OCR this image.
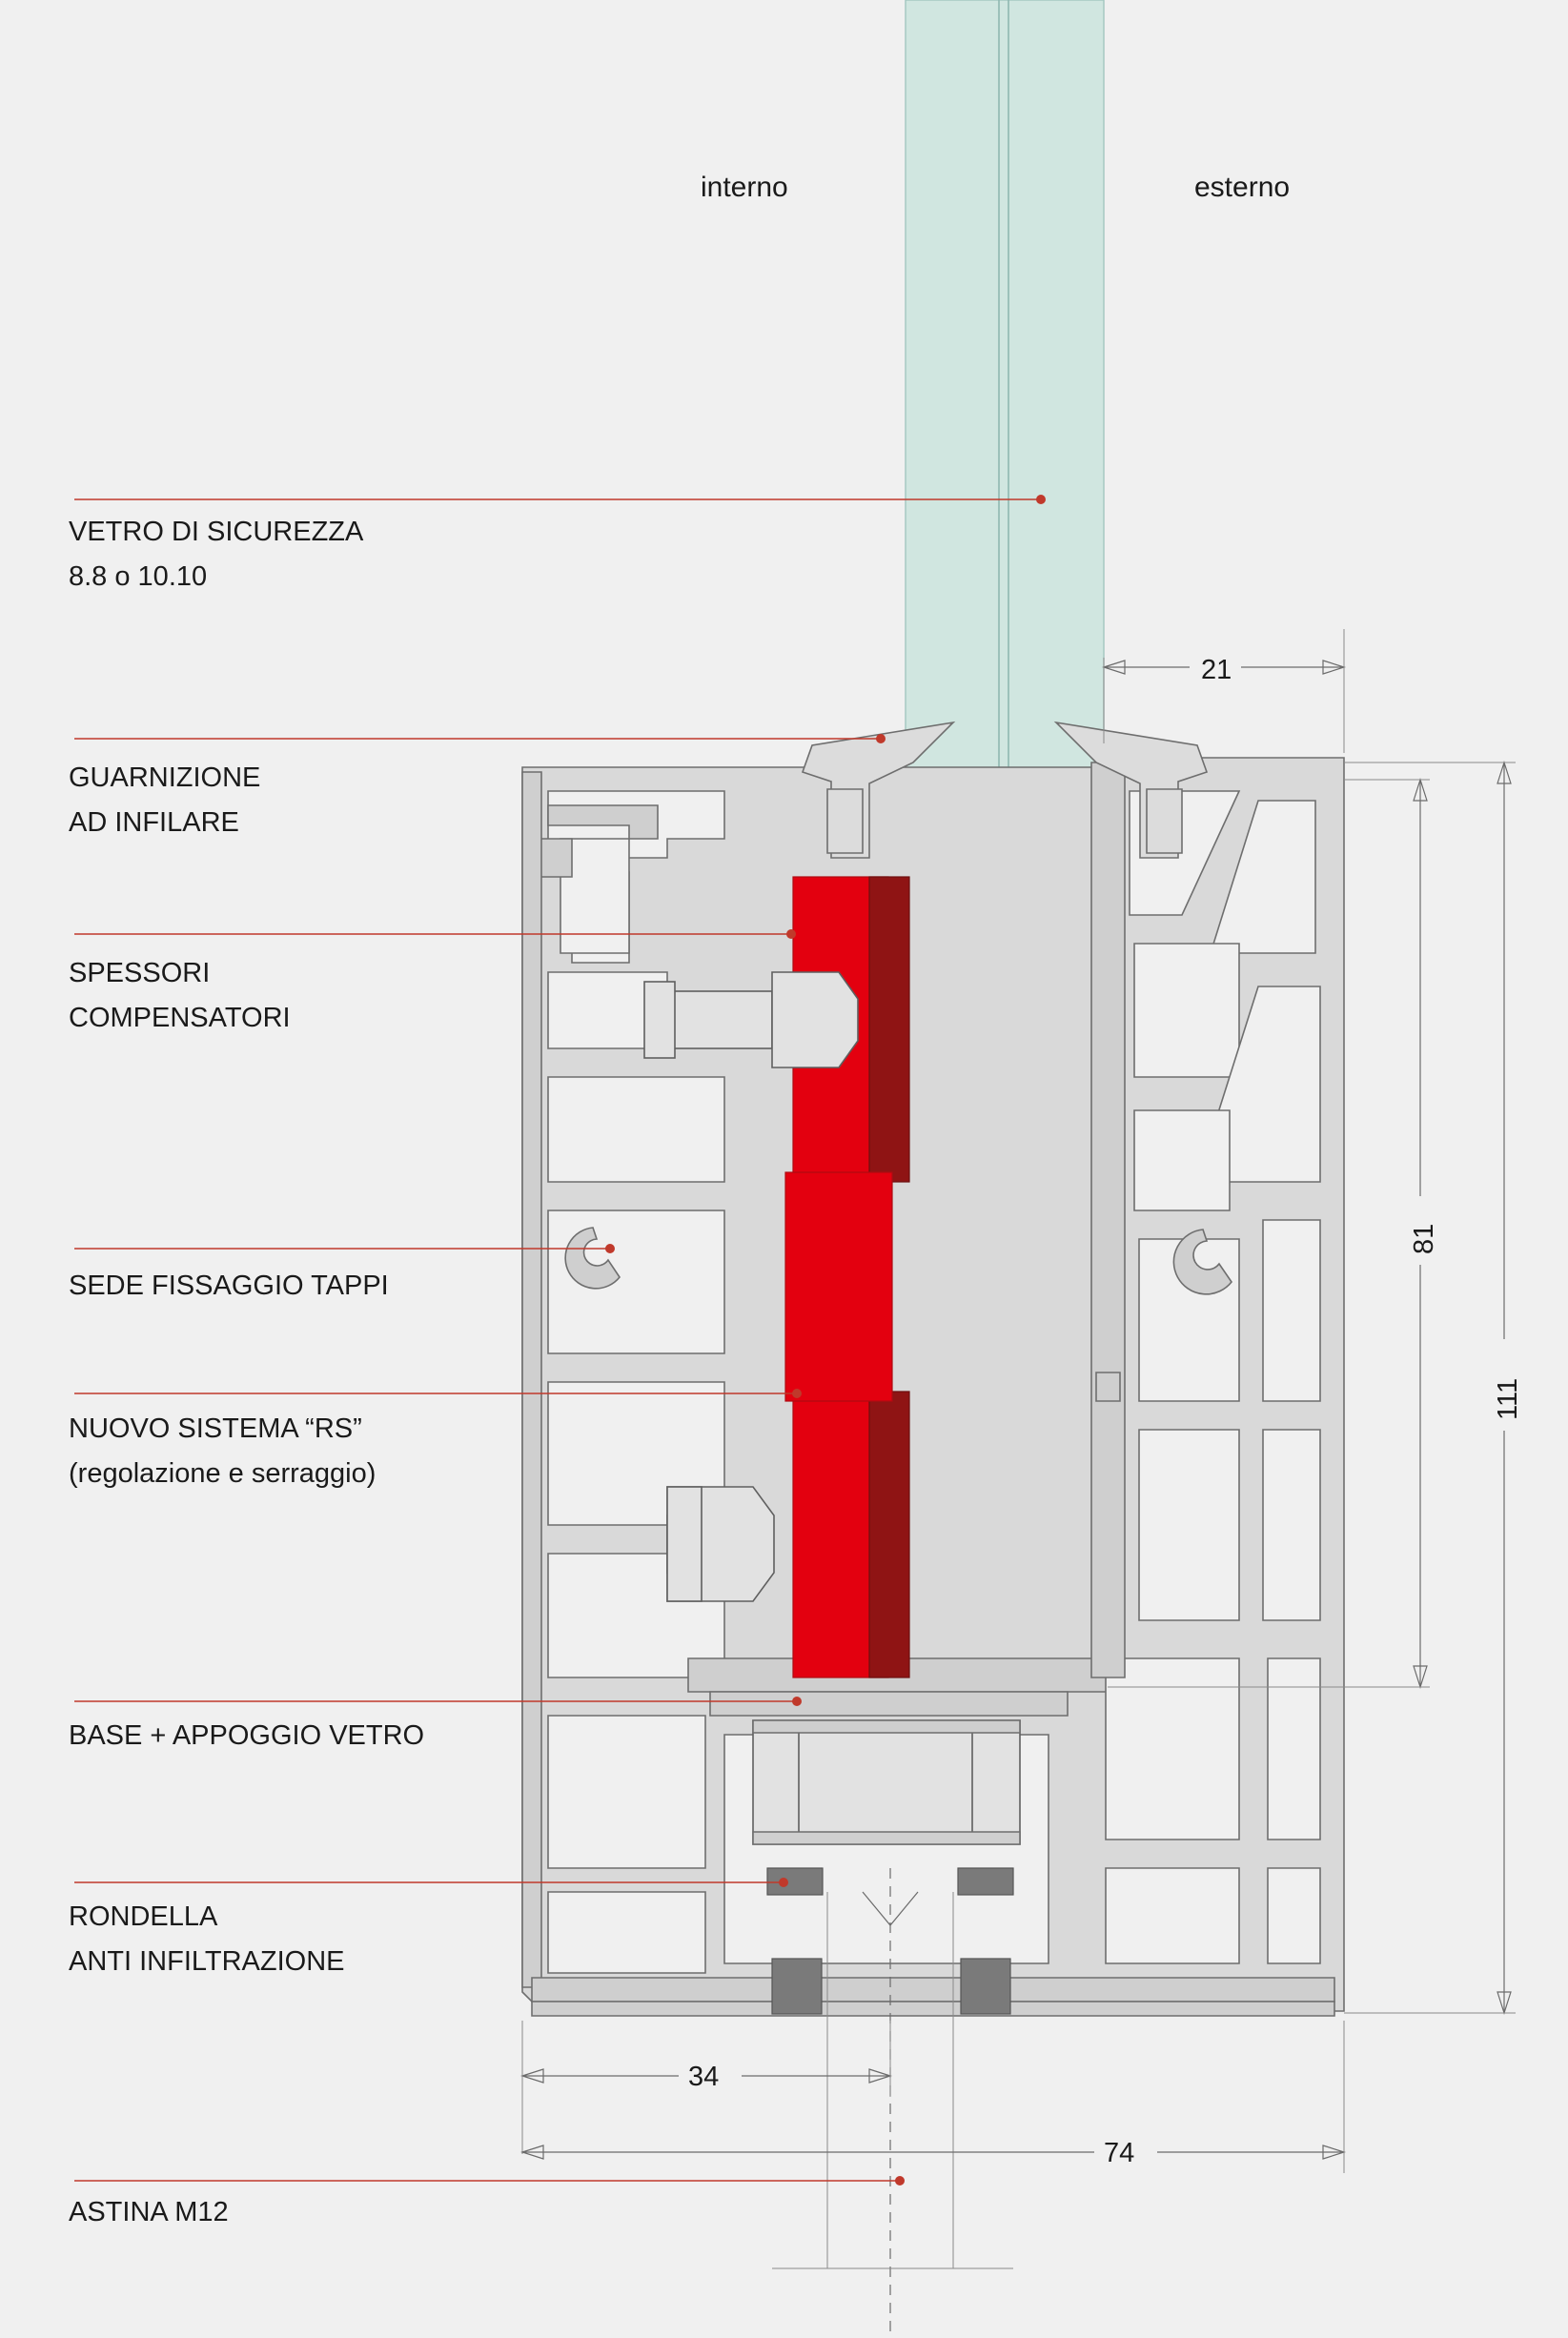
interno	esterno
VETRO DI SICUREZZA
8.8 o 10.10
GUARNIZIONE
AD INFILARE
SPESSORI
COMPENSATORI
SEDE FISSAGGIO TAPPI
NUOVO SISTEMA “RS”
(regolazione e serraggio)
BASE + APPOGGIO VETRO
RONDELLA
ANTI INFILTRAZIONE
ASTINA M12
21
81
111
34
74
